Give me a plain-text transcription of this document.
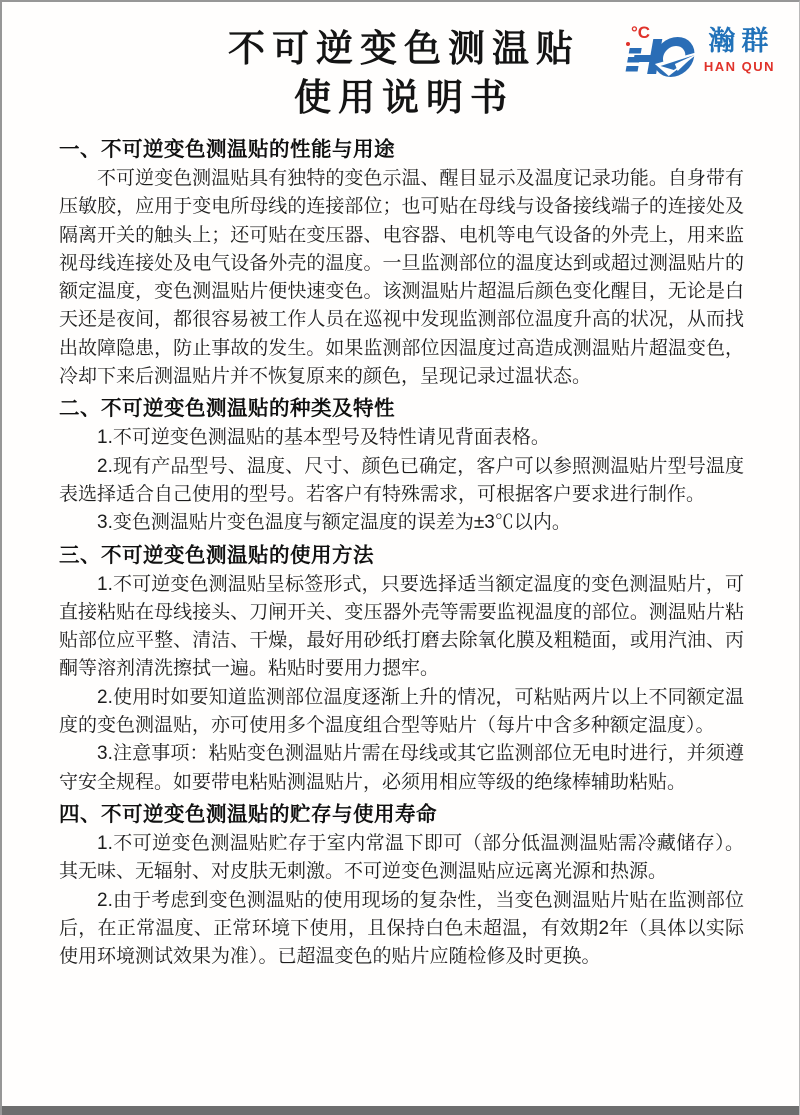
°C 瀚群
HAN QUN
不可逆变色测温贴
使用说明书
一、不可逆变色测温贴的性能与用途

不可逆变色测温贴具有独特的变色示温、醒目显示及温度记录功能。自身带有压敏胶，应用于变电所母线的连接部位；也可贴在母线与设备接线端子的连接处及隔离开关的触头上；还可贴在变压器、电容器、电机等电气设备的外壳上，用来监视母线连接处及电气设备外壳的温度。一旦监测部位的温度达到或超过测温贴片的额定温度，变色测温贴片便快速变色。该测温贴片超温后颜色变化醒目，无论是白天还是夜间，都很容易被工作人员在巡视中发现监测部位温度升高的状况，从而找出故障隐患，防止事故的发生。如果监测部位因温度过高造成测温贴片超温变色，冷却下来后测温贴片并不恢复原来的颜色，呈现记录过温状态。

二、不可逆变色测温贴的种类及特性

1.不可逆变色测温贴的基本型号及特性请见背面表格。

2.现有产品型号、温度、尺寸、颜色已确定，客户可以参照测温贴片型号温度表选择适合自己使用的型号。若客户有特殊需求，可根据客户要求进行制作。

3.变色测温贴片变色温度与额定温度的误差为±3℃以内。

三、不可逆变色测温贴的使用方法

1.不可逆变色测温贴呈标签形式，只要选择适当额定温度的变色测温贴片，可直接粘贴在母线接头、刀闸开关、变压器外壳等需要监视温度的部位。测温贴片粘贴部位应平整、清洁、干燥，最好用砂纸打磨去除氧化膜及粗糙面，或用汽油、丙酮等溶剂清洗擦拭一遍。粘贴时要用力摁牢。

2.使用时如要知道监测部位温度逐渐上升的情况，可粘贴两片以上不同额定温度的变色测温贴，亦可使用多个温度组合型等贴片（每片中含多种额定温度）。

3.注意事项：粘贴变色测温贴片需在母线或其它监测部位无电时进行，并须遵守安全规程。如要带电粘贴测温贴片，必须用相应等级的绝缘棒辅助粘贴。

四、不可逆变色测温贴的贮存与使用寿命

1.不可逆变色测温贴贮存于室内常温下即可（部分低温测温贴需冷藏储存）。其无味、无辐射、对皮肤无刺激。不可逆变色测温贴应远离光源和热源。

2.由于考虑到变色测温贴的使用现场的复杂性，当变色测温贴片贴在监测部位后，在正常温度、正常环境下使用，且保持白色未超温，有效期2年（具体以实际使用环境测试效果为准）。已超温变色的贴片应随检修及时更换。
